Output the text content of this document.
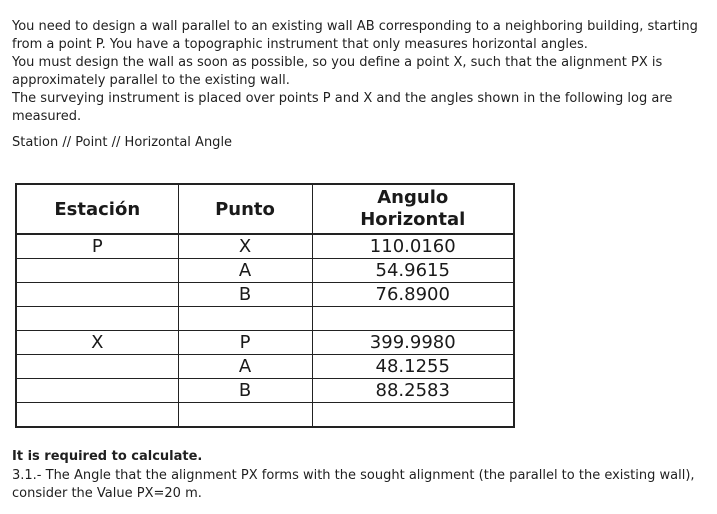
You need to design a wall parallel to an existing wall AB corresponding to a neighboring building, starting
from a point P. You have a topographic instrument that only measures horizontal angles.
You must design the wall as soon as possible, so you define a point X, such that the alignment PX is
approximately parallel to the existing wall.
The surveying instrument is placed over points P and X and the angles shown in the following log are
measured.

Station // Point // Horizontal Angle

Estación	Punto	Angulo
Horizontal

P	X	110.0160
	A	54.9615
	B	76.8900

X	P	399.9980
	A	48.1255
	B	88.2583

It is required to calculate.

3.1.- The Angle that the alignment PX forms with the sought alignment (the parallel to the existing wall),
consider the Value PX=20 m.
